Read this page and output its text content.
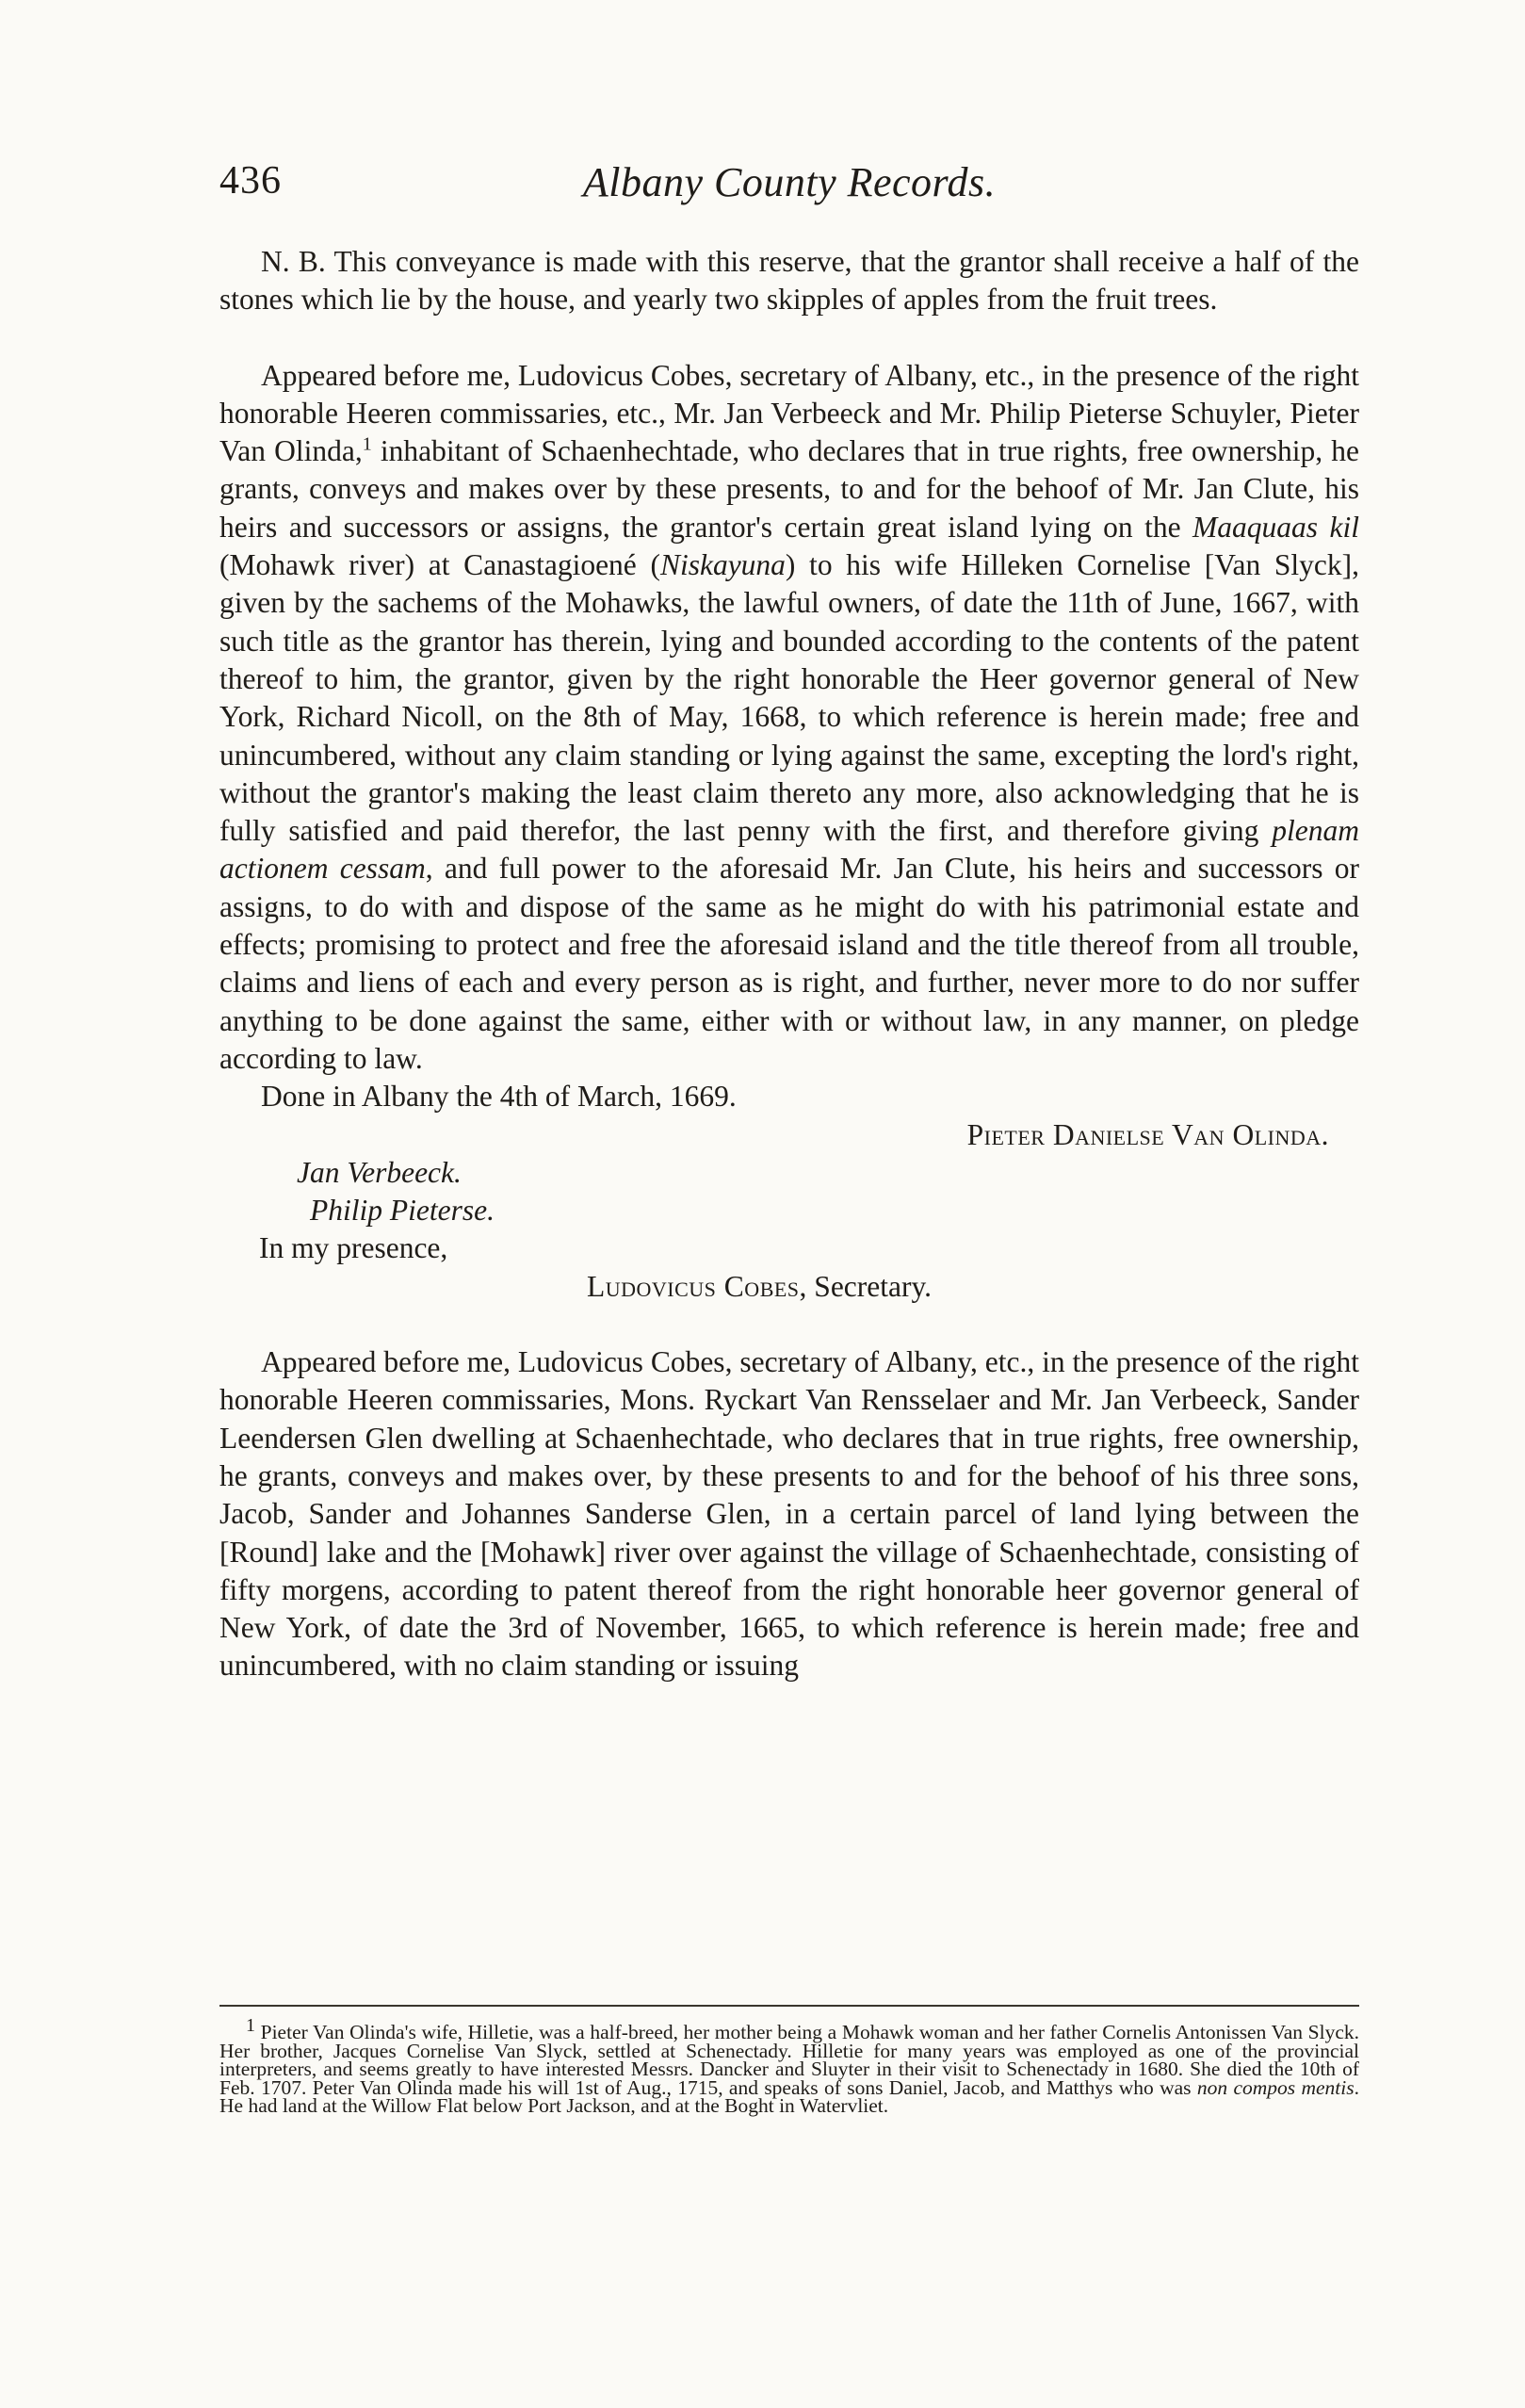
436	Albany County Records.

N. B. This conveyance is made with this reserve, that the grantor shall receive a half of the stones which lie by the house, and yearly two skipples of apples from the fruit trees.

Appeared before me, Ludovicus Cobes, secretary of Albany, etc., in the presence of the right honorable Heeren commissaries, etc., Mr. Jan Verbeeck and Mr. Philip Pieterse Schuyler, Pieter Van Olinda,$^1$ inhabitant of Schaenhechtade, who declares that in true rights, free ownership, he grants, conveys and makes over by these presents, to and for the behoof of Mr. Jan Clute, his heirs and successors or assigns, the grantor's certain great island lying on the Maaquaas kil (Mohawk river) at Canastagioené (Niskayuna) to his wife Hilleken Cornelise [Van Slyck], given by the sachems of the Mohawks, the lawful owners, of date the 11th of June, 1667, with such title as the grantor has therein, lying and bounded according to the contents of the patent thereof to him, the grantor, given by the right honorable the Heer governor general of New York, Richard Nicoll, on the 8th of May, 1668, to which reference is herein made; free and unincumbered, without any claim standing or lying against the same, excepting the lord's right, without the grantor's making the least claim thereto any more, also acknowledging that he is fully satisfied and paid therefor, the last penny with the first, and therefore giving plenam actionem cessam, and full power to the aforesaid Mr. Jan Clute, his heirs and successors or assigns, to do with and dispose of the same as he might do with his patrimonial estate and effects; promising to protect and free the aforesaid island and the title thereof from all trouble, claims and liens of each and every person as is right, and further, never more to do nor suffer anything to be done against the same, either with or without law, in any manner, on pledge according to law.

Done in Albany the 4th of March, 1669.

Pieter Danielse Van Olinda.

Jan Verbeeck.

Philip Pieterse.

In my presence,

Ludovicus Cobes, Secretary.

Appeared before me, Ludovicus Cobes, secretary of Albany, etc., in the presence of the right honorable Heeren commissaries, Mons. Ryckart Van Rensselaer and Mr. Jan Verbeeck, Sander Leendersen Glen dwelling at Schaenhechtade, who declares that in true rights, free ownership, he grants, conveys and makes over, by these presents to and for the behoof of his three sons, Jacob, Sander and Johannes Sanderse Glen, in a certain parcel of land lying between the [Round] lake and the [Mohawk] river over against the village of Schaenhechtade, consisting of fifty morgens, according to patent thereof from the right honorable heer governor general of New York, of date the 3rd of November, 1665, to which reference is herein made; free and unincumbered, with no claim standing or issuing

$^1$ Pieter Van Olinda's wife, Hilletie, was a half-breed, her mother being a Mohawk woman and her father Cornelis Antonissen Van Slyck. Her brother, Jacques Cornelise Van Slyck, settled at Schenectady. Hilletie for many years was employed as one of the provincial interpreters, and seems greatly to have interested Messrs. Dancker and Sluyter in their visit to Schenectady in 1680. She died the 10th of Feb. 1707. Peter Van Olinda made his will 1st of Aug., 1715, and speaks of sons Daniel, Jacob, and Matthys who was non compos mentis. He had land at the Willow Flat below Port Jackson, and at the Boght in Watervliet.
